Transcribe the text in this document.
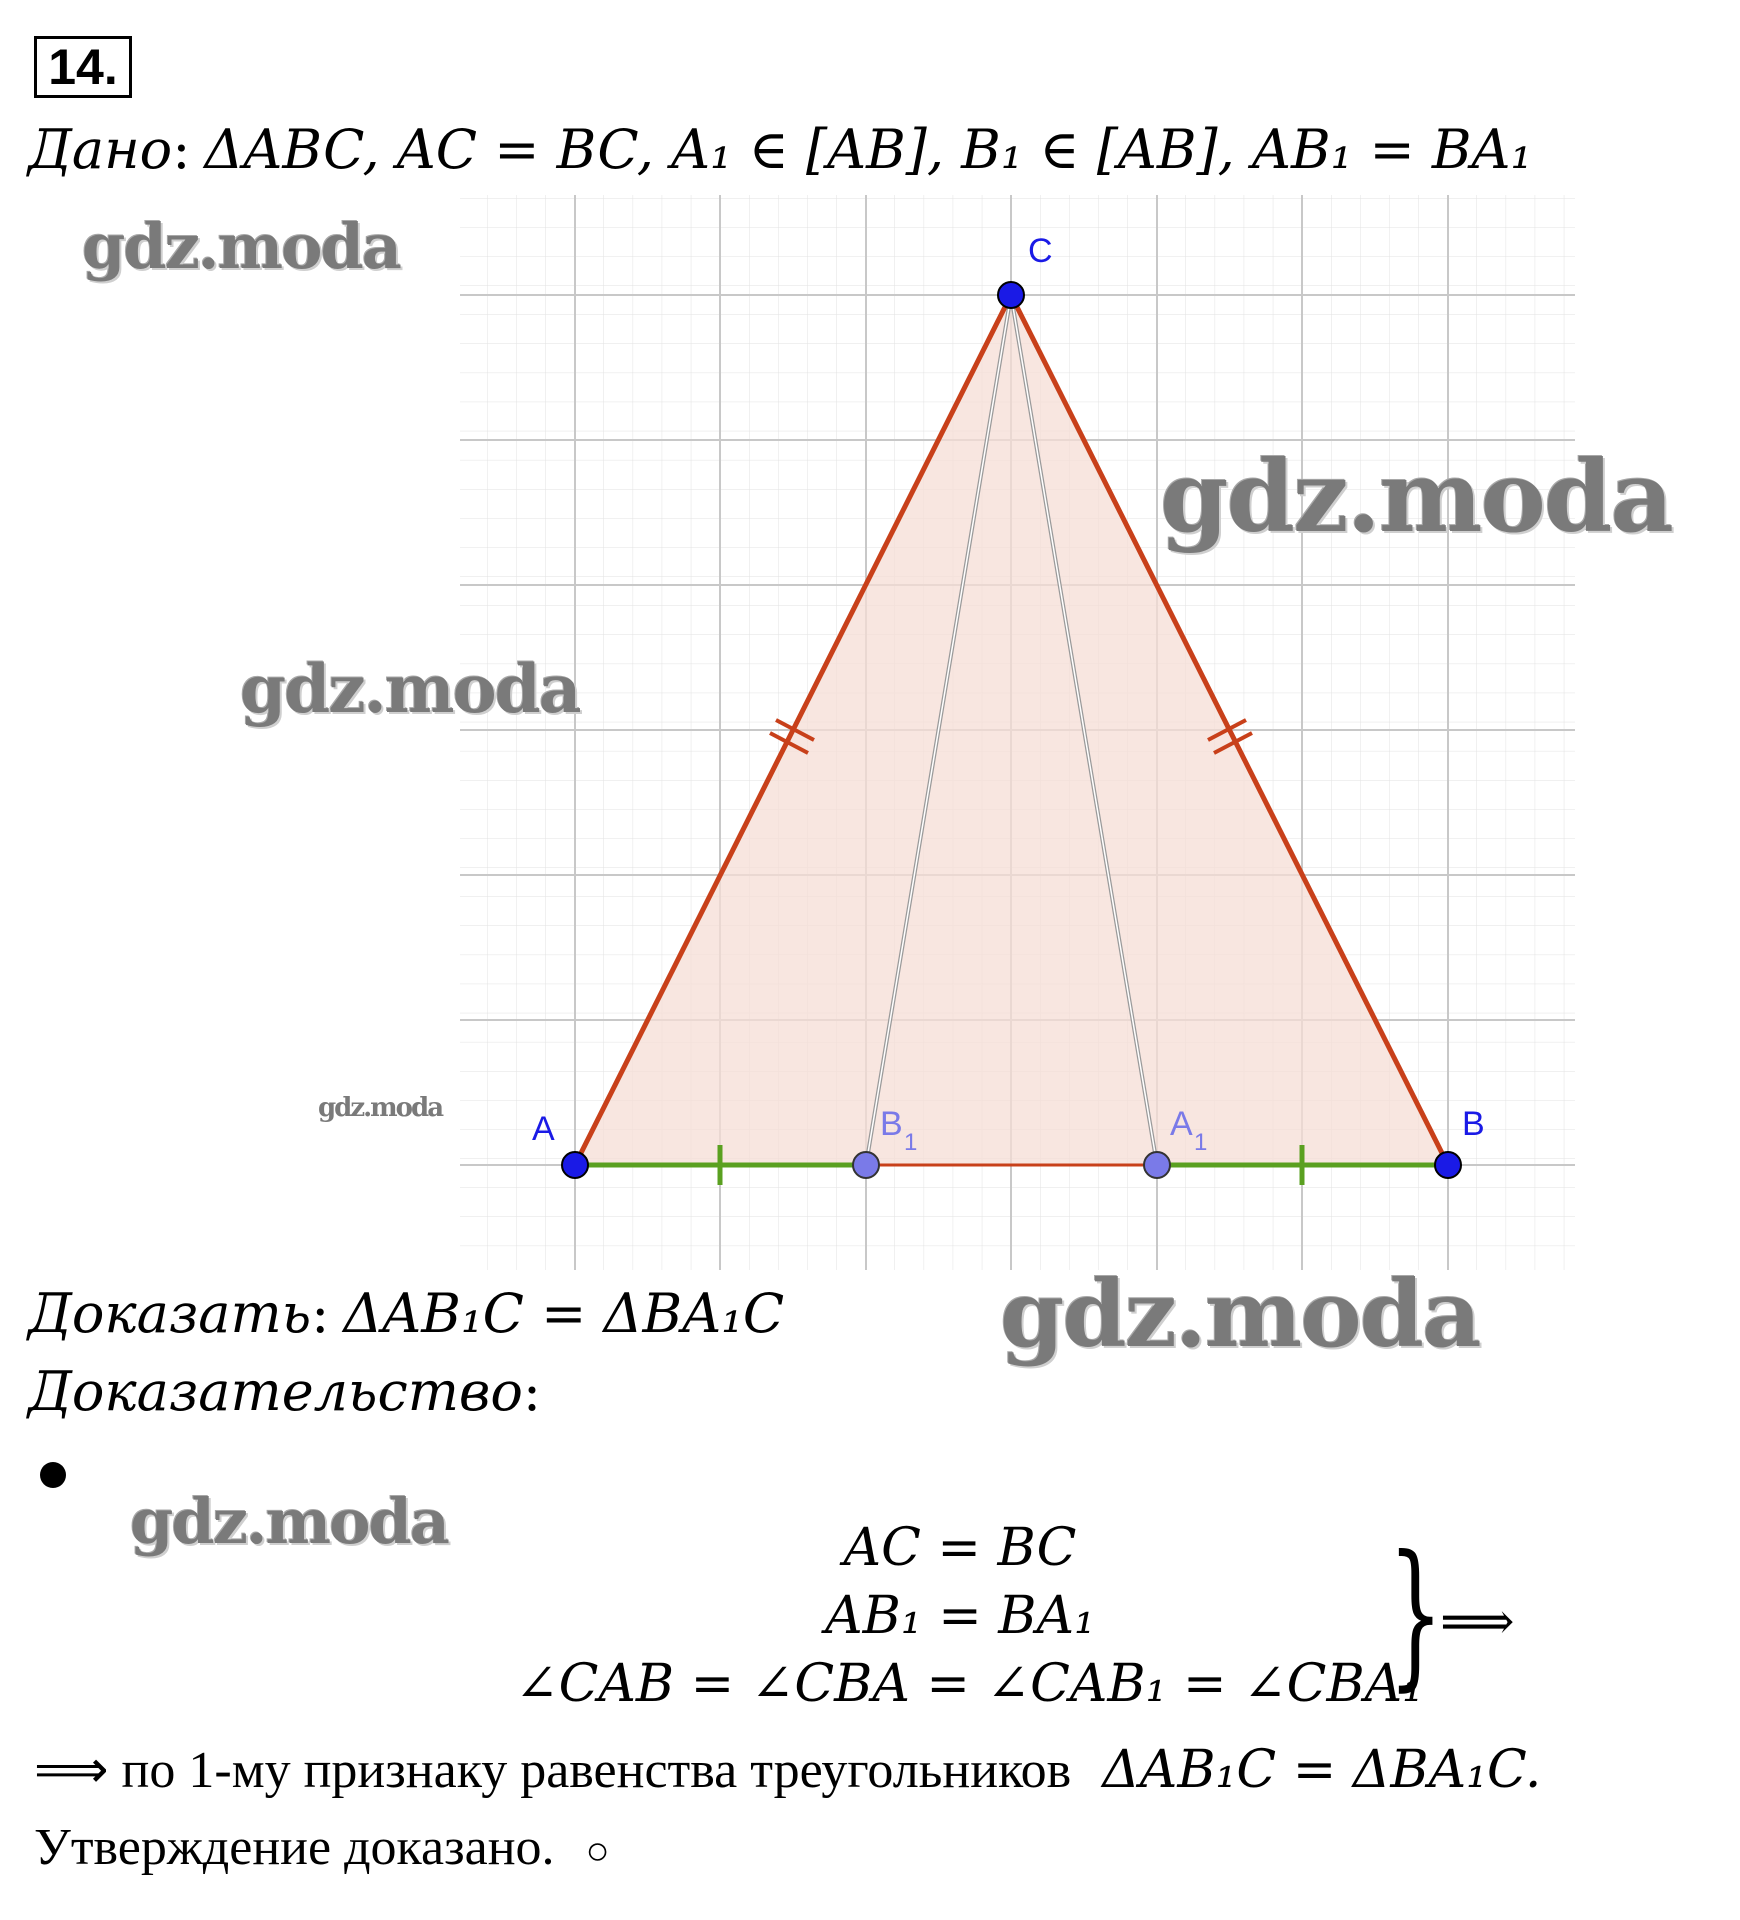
14.
Дано: ΔABC, AC = BC, A₁ ∈ [AB], B₁ ∈ [AB], AB₁ = BA₁
A	B
C
B 1	A 1
gdz.moda
gdz.moda
gdz.moda
gdz.moda
gdz.moda
gdz.moda
Доказать: ΔAB₁C = ΔBA₁C
Доказательство:
AC = BC
AB₁ = BA₁
∠CAB = ∠CBA = ∠CAB₁ = ∠CBA₁
}
⟹
⟹ по 1-му признаку равенства треугольников ΔAB₁C = ΔBA₁C.
Утверждение доказано. ○
